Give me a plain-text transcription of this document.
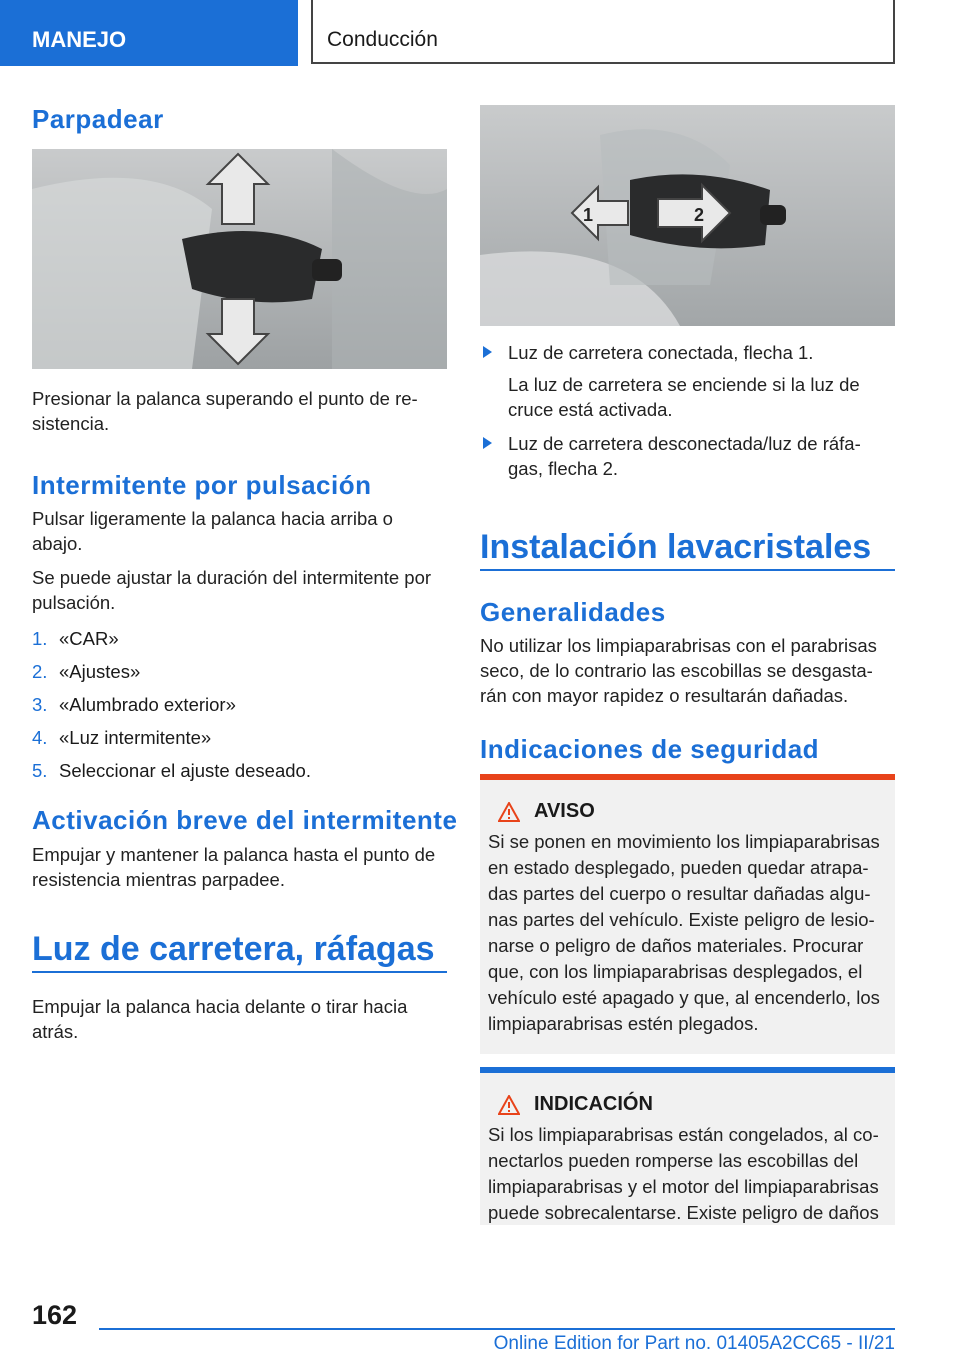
MANEJO	Conducción
Parpadear
Presionar la palanca superando el punto de re-
sistencia.
Intermitente por pulsación
Pulsar ligeramente la palanca hacia arriba o
abajo.
Se puede ajustar la duración del intermitente por
pulsación.
1. «CAR»
2. «Ajustes»
3. «Alumbrado exterior»
4. «Luz intermitente»
5. Seleccionar el ajuste deseado.
Activación breve del intermitente
Empujar y mantener la palanca hasta el punto de
resistencia mientras parpadee.
Luz de carretera, ráfagas
Empujar la palanca hacia delante o tirar hacia
atrás.
1	2
Luz de carretera conectada, flecha 1.
La luz de carretera se enciende si la luz de
cruce está activada.
Luz de carretera desconectada/luz de ráfa-
gas, flecha 2.
Instalación lavacristales
Generalidades
No utilizar los limpiaparabrisas con el parabrisas
seco, de lo contrario las escobillas se desgasta-
rán con mayor rapidez o resultarán dañadas.
Indicaciones de seguridad
AVISO
Si se ponen en movimiento los limpiaparabrisas
en estado desplegado, pueden quedar atrapa-
das partes del cuerpo o resultar dañadas algu-
nas partes del vehículo. Existe peligro de lesio-
narse o peligro de daños materiales. Procurar
que, con los limpiaparabrisas desplegados, el
vehículo esté apagado y que, al encenderlo, los
limpiaparabrisas estén plegados.
INDICACIÓN
Si los limpiaparabrisas están congelados, al co-
nectarlos pueden romperse las escobillas del
limpiaparabrisas y el motor del limpiaparabrisas
puede sobrecalentarse. Existe peligro de daños
162
Online Edition for Part no. 01405A2CC65 - II/21
